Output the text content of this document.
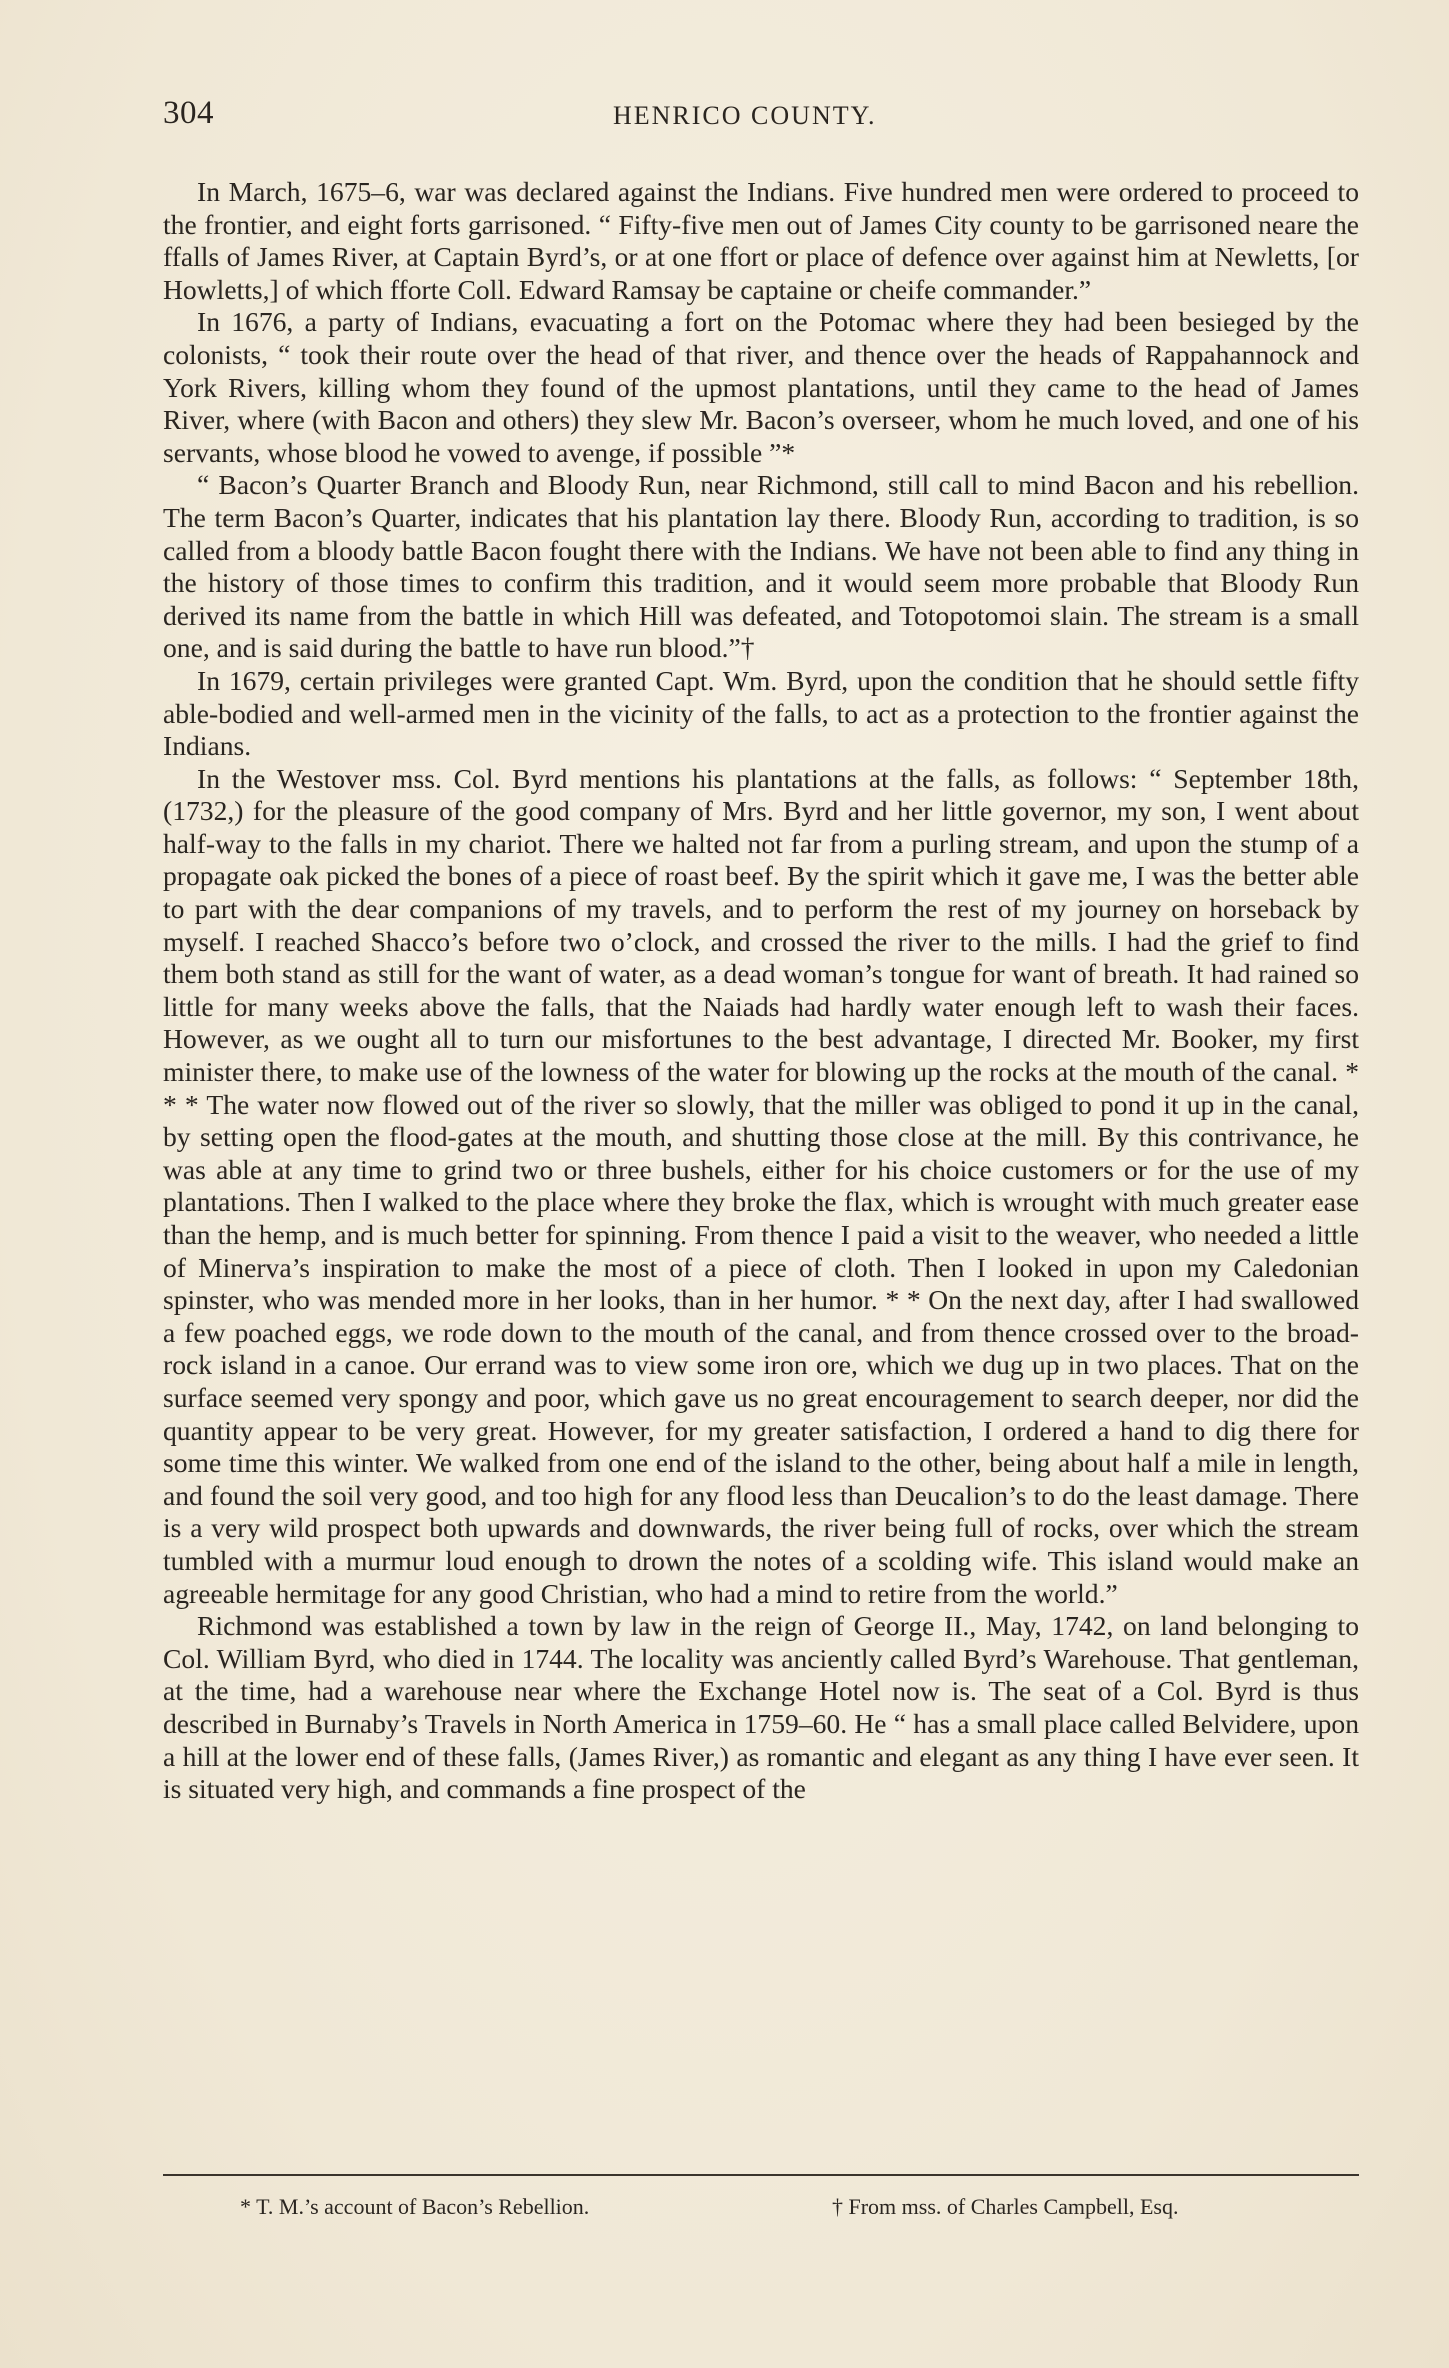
304	HENRICO COUNTY.

In March, 1675–6, war was declared against the Indians. Five hundred men were ordered to proceed to the frontier, and eight forts garrisoned. “ Fifty-five men out of James City county to be garrisoned neare the ffalls of James River, at Captain Byrd’s, or at one ffort or place of defence over against him at Newletts, [or Howletts,] of which fforte Coll. Edward Ramsay be captaine or cheife commander.”

In 1676, a party of Indians, evacuating a fort on the Potomac where they had been besieged by the colonists, “ took their route over the head of that river, and thence over the heads of Rappahannock and York Rivers, killing whom they found of the upmost plantations, until they came to the head of James River, where (with Bacon and others) they slew Mr. Bacon’s overseer, whom he much loved, and one of his servants, whose blood he vowed to avenge, if possible ”*

“ Bacon’s Quarter Branch and Bloody Run, near Richmond, still call to mind Bacon and his rebellion. The term Bacon’s Quarter, indicates that his plantation lay there. Bloody Run, according to tradition, is so called from a bloody battle Bacon fought there with the Indians. We have not been able to find any thing in the history of those times to confirm this tradition, and it would seem more probable that Bloody Run derived its name from the battle in which Hill was defeated, and Totopotomoi slain. The stream is a small one, and is said during the battle to have run blood.”†

In 1679, certain privileges were granted Capt. Wm. Byrd, upon the condition that he should settle fifty able-bodied and well-armed men in the vicinity of the falls, to act as a protection to the frontier against the Indians.

In the Westover mss. Col. Byrd mentions his plantations at the falls, as follows: “ September 18th, (1732,) for the pleasure of the good company of Mrs. Byrd and her little governor, my son, I went about half-way to the falls in my chariot. There we halted not far from a purling stream, and upon the stump of a propagate oak picked the bones of a piece of roast beef. By the spirit which it gave me, I was the better able to part with the dear companions of my travels, and to perform the rest of my journey on horseback by myself. I reached Shacco’s before two o’clock, and crossed the river to the mills. I had the grief to find them both stand as still for the want of water, as a dead woman’s tongue for want of breath. It had rained so little for many weeks above the falls, that the Naiads had hardly water enough left to wash their faces. However, as we ought all to turn our misfortunes to the best advantage, I directed Mr. Booker, my first minister there, to make use of the lowness of the water for blowing up the rocks at the mouth of the canal. * * * The water now flowed out of the river so slowly, that the miller was obliged to pond it up in the canal, by setting open the flood-gates at the mouth, and shutting those close at the mill. By this contrivance, he was able at any time to grind two or three bushels, either for his choice customers or for the use of my plantations. Then I walked to the place where they broke the flax, which is wrought with much greater ease than the hemp, and is much better for spinning. From thence I paid a visit to the weaver, who needed a little of Minerva’s inspiration to make the most of a piece of cloth. Then I looked in upon my Caledonian spinster, who was mended more in her looks, than in her humor. * * On the next day, after I had swallowed a few poached eggs, we rode down to the mouth of the canal, and from thence crossed over to the broad-rock island in a canoe. Our errand was to view some iron ore, which we dug up in two places. That on the surface seemed very spongy and poor, which gave us no great encouragement to search deeper, nor did the quantity appear to be very great. However, for my greater satisfaction, I ordered a hand to dig there for some time this winter. We walked from one end of the island to the other, being about half a mile in length, and found the soil very good, and too high for any flood less than Deucalion’s to do the least damage. There is a very wild prospect both upwards and downwards, the river being full of rocks, over which the stream tumbled with a murmur loud enough to drown the notes of a scolding wife. This island would make an agreeable hermitage for any good Christian, who had a mind to retire from the world.”

Richmond was established a town by law in the reign of George II., May, 1742, on land belonging to Col. William Byrd, who died in 1744. The locality was anciently called Byrd’s Warehouse. That gentleman, at the time, had a warehouse near where the Exchange Hotel now is. The seat of a Col. Byrd is thus described in Burnaby’s Travels in North America in 1759–60. He “ has a small place called Belvidere, upon a hill at the lower end of these falls, (James River,) as romantic and elegant as any thing I have ever seen. It is situated very high, and commands a fine prospect of the

* T. M.’s account of Bacon’s Rebellion.	† From mss. of Charles Campbell, Esq.
